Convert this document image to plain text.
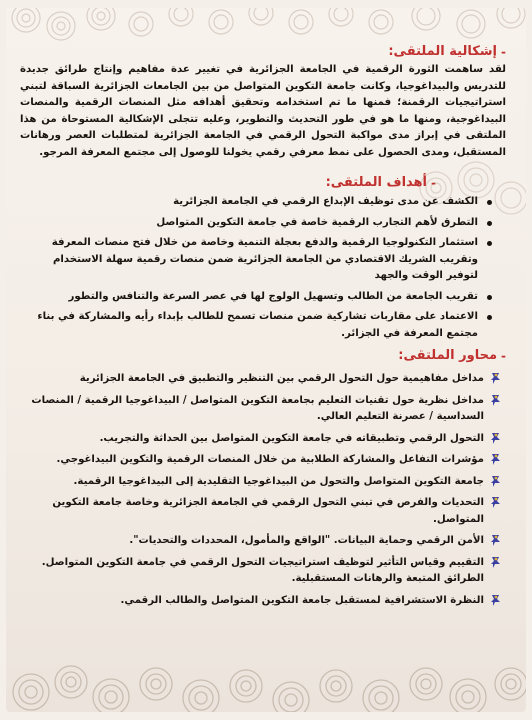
-
إشكالية الملتقى:

لقد ساهمت الثورة الرقمية في الجامعة الجزائرية في تغيير عدة مفاهيم وإنتاج طرائق جديدة للتدريس والبيداغوجيا، وكانت جامعة التكوين المتواصل من بين الجامعات الجزائرية السباقة لتبني استراتيجيات الرقمنة؛ فمنها ما تم استخدامه وتحقيق أهدافه مثل المنصات الرقمية والمنصات البيداغوجية، ومنها ما هو في طور التحديث والتطوير، وعليه تتجلى الإشكالية المستوحاة من هذا الملتقى في إبراز مدى مواكبة التحول الرقمي في الجامعة الجزائرية لمتطلبات العصر ورهانات المستقبل، ومدى الحصول على نمط معرفي رقمي يخولنا للوصول إلى مجتمع المعرفة المرجو.

-
أهداف الملتقى:
الكشف عن مدى توظيف الإبداع الرقمي في الجامعة الجزائرية
التطرق لأهم التجارب الرقمية خاصة في جامعة التكوين المتواصل
استثمار التكنولوجيا الرقمية والدفع بعجلة التنمية وخاصة من خلال فتح منصات المعرفة وتقريب الشريك الاقتصادي من الجامعة الجزائرية ضمن منصات رقمية سهلة الاستخدام لتوفير الوقت والجهد
تقريب الجامعة من الطالب وتسهيل الولوج لها في عصر السرعة والتنافس والتطور
الاعتماد على مقاربات تشاركية ضمن منصات تسمح للطالب بإبداء رأيه والمشاركة في بناء مجتمع المعرفة في الجزائر.
-
محاور الملتقى:
مداخل مفاهيمية حول التحول الرقمي بين التنظير والتطبيق في الجامعة الجزائرية
مداخل نظرية حول تقنيات التعليم بجامعة التكوين المتواصل / البيداغوجيا الرقمية / المنصات السداسية / عصرنة التعليم العالي.
التحول الرقمي وتطبيقاته في جامعة التكوين المتواصل بين الحداثة والتجريب.
مؤشرات التفاعل والمشاركة الطلابية من خلال المنصات الرقمية والتكوين البيداغوجي.
جامعة التكوين المتواصل والتحول من البيداغوجيا التقليدية إلى البيداغوجيا الرقمية.
التحديات والفرص في تبني التحول الرقمي في الجامعة الجزائرية وخاصة جامعة التكوين المتواصل.
الأمن الرقمي وحماية البيانات. "الواقع والمأمول، المحددات والتحديات".
التقييم وقياس التأثير لتوظيف استراتيجيات التحول الرقمي في جامعة التكوين المتواصل. الطرائق المتبعة والرهانات المستقبلية.
النظرة الاستشرافية لمستقبل جامعة التكوين المتواصل والطالب الرقمي.
